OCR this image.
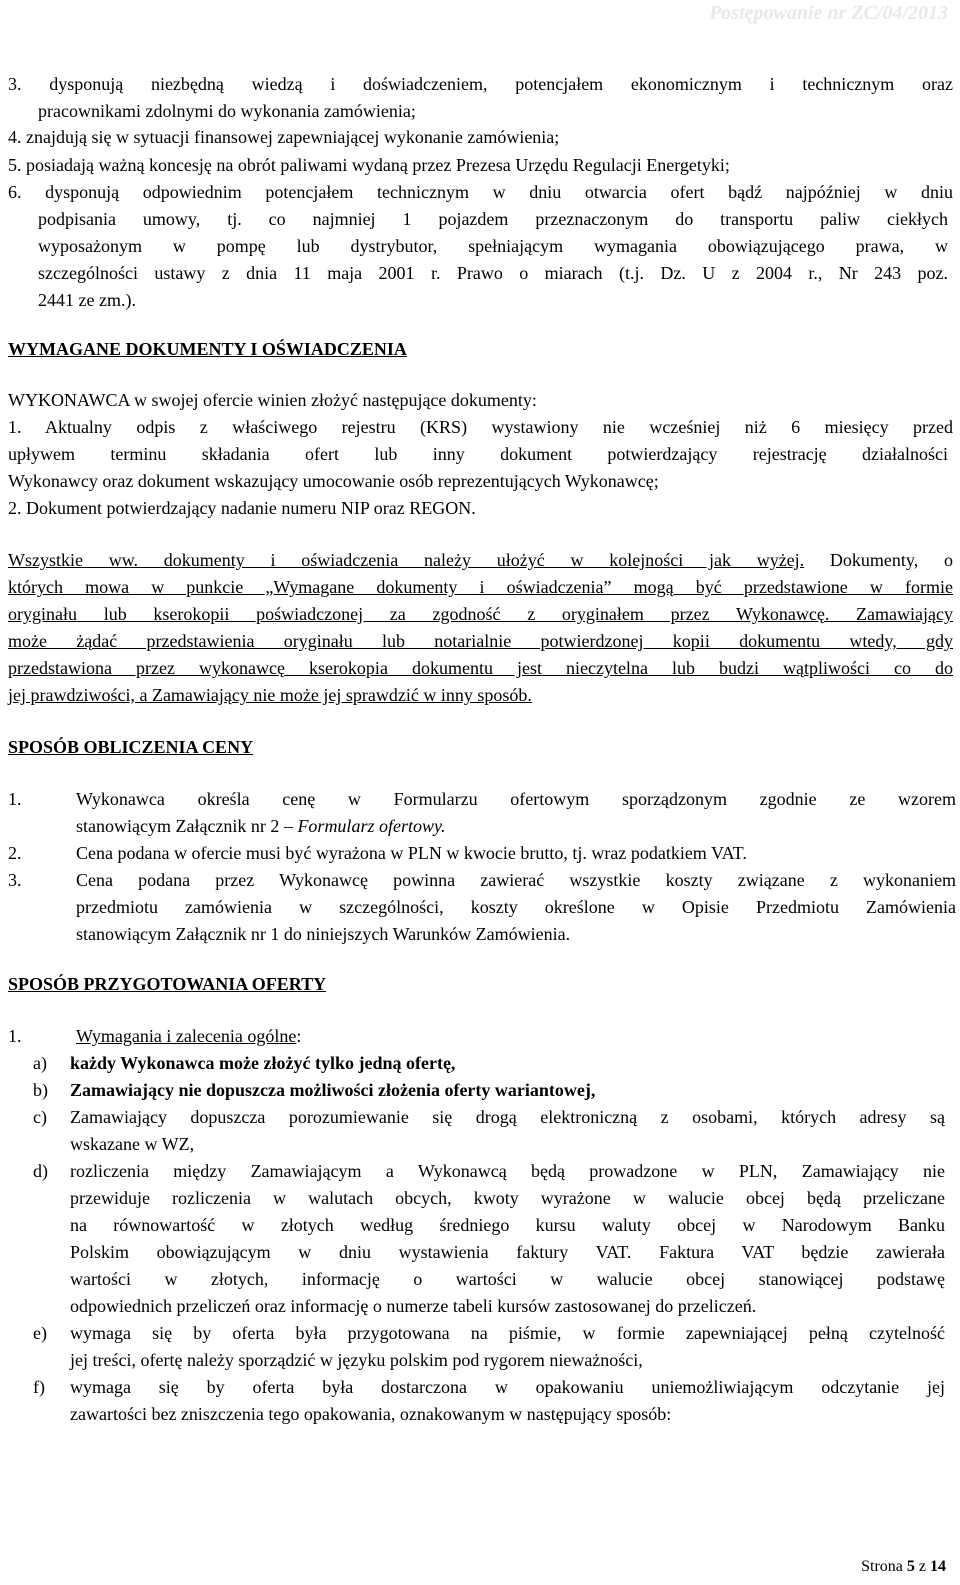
Postępowanie nr ZC/04/2013
3. dysponują niezbędną wiedzą i doświadczeniem, potencjałem ekonomicznym i technicznym oraz
pracownikami zdolnymi do wykonania zamówienia;
4. znajdują się w sytuacji finansowej zapewniającej wykonanie zamówienia;
5. posiadają ważną koncesję na obrót paliwami wydaną przez Prezesa Urzędu Regulacji Energetyki;
6. dysponują odpowiednim potencjałem technicznym w dniu otwarcia ofert bądź najpóźniej w dniu
podpisania umowy, tj. co najmniej 1 pojazdem przeznaczonym do transportu paliw ciekłych
wyposażonym w pompę lub dystrybutor, spełniającym wymagania obowiązującego prawa, w
szczególności ustawy z dnia 11 maja 2001 r. Prawo o miarach (t.j. Dz. U z 2004 r., Nr 243 poz.
2441 ze zm.).
WYMAGANE DOKUMENTY I OŚWIADCZENIA
WYKONAWCA w swojej ofercie winien złożyć następujące dokumenty:
1. Aktualny odpis z właściwego rejestru (KRS) wystawiony nie wcześniej niż 6 miesięcy przed
upływem terminu składania ofert lub inny dokument potwierdzający rejestrację działalności
Wykonawcy oraz dokument wskazujący umocowanie osób reprezentujących Wykonawcę;
2. Dokument potwierdzający nadanie numeru NIP oraz REGON.
Wszystkie ww. dokumenty i oświadczenia należy ułożyć w kolejności jak wyżej. Dokumenty, o
których mowa w punkcie „Wymagane dokumenty i oświadczenia” mogą być przedstawione w formie
oryginału lub kserokopii poświadczonej za zgodność z oryginałem przez Wykonawcę. Zamawiający
może żądać przedstawienia oryginału lub notarialnie potwierdzonej kopii dokumentu wtedy, gdy
przedstawiona przez wykonawcę kserokopia dokumentu jest nieczytelna lub budzi wątpliwości co do
jej prawdziwości, a Zamawiający nie może jej sprawdzić w inny sposób.
SPOSÓB OBLICZENIA CENY
1.	Wykonawca określa cenę w Formularzu ofertowym sporządzonym zgodnie ze wzorem
stanowiącym Załącznik nr 2 – Formularz ofertowy.
2.	Cena podana w ofercie musi być wyrażona w PLN w kwocie brutto, tj. wraz podatkiem VAT.
3.	Cena podana przez Wykonawcę powinna zawierać wszystkie koszty związane z wykonaniem
przedmiotu zamówienia w szczególności, koszty określone w Opisie Przedmiotu Zamówienia
stanowiącym Załącznik nr 1 do niniejszych Warunków Zamówienia.
SPOSÓB PRZYGOTOWANIA OFERTY
1.	Wymagania i zalecenia ogólne:
a) każdy Wykonawca może złożyć tylko jedną ofertę,
b) Zamawiający nie dopuszcza możliwości złożenia oferty wariantowej,
c) Zamawiający dopuszcza porozumiewanie się drogą elektroniczną z osobami, których adresy są
wskazane w WZ,
d) rozliczenia między Zamawiającym a Wykonawcą będą prowadzone w PLN, Zamawiający nie
przewiduje rozliczenia w walutach obcych, kwoty wyrażone w walucie obcej będą przeliczane
na równowartość w złotych według średniego kursu waluty obcej w Narodowym Banku
Polskim obowiązującym w dniu wystawienia faktury VAT. Faktura VAT będzie zawierała
wartości w złotych, informację o wartości w walucie obcej stanowiącej podstawę
odpowiednich przeliczeń oraz informację o numerze tabeli kursów zastosowanej do przeliczeń.
e) wymaga się by oferta była przygotowana na piśmie, w formie zapewniającej pełną czytelność
jej treści, ofertę należy sporządzić w języku polskim pod rygorem nieważności,
f) wymaga się by oferta była dostarczona w opakowaniu uniemożliwiającym odczytanie jej
zawartości bez zniszczenia tego opakowania, oznakowanym w następujący sposób:
Strona 5 z 14
